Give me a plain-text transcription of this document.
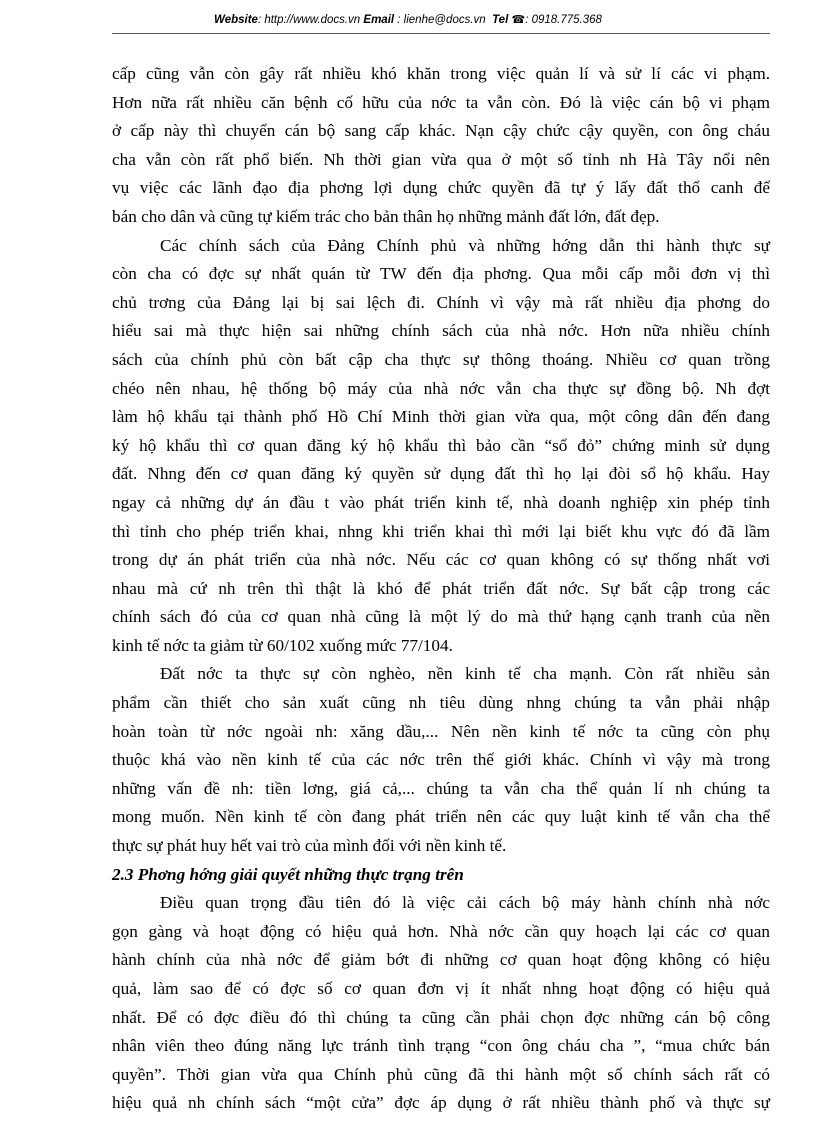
Website: http://www.docs.vn Email : lienhe@docs.vn Tel ☎: 0918.775.368
cấp cũng vẫn còn gây rất nhiều khó khăn trong việc quản lí và sử lí các vi phạm.
Hơn nữa rất nhiều căn bệnh cố hữu của nớc ta vẫn còn. Đó là việc cán bộ vi phạm
ở cấp này thì chuyển cán bộ sang cấp khác. Nạn cậy chức cậy quyền, con ông cháu
cha vẫn còn rất phổ biến. Nh thời gian vừa qua ở một số tỉnh nh Hà Tây nổi nên
vụ việc các lãnh đạo địa phơng lợi dụng chức quyền đã tự ý lấy đất thổ canh để
bán cho dân và cũng tự kiếm trác cho bản thân họ những mảnh đất lớn, đất đẹp.
Các chính sách của Đảng Chính phủ và những hớng dẫn thi hành thực sự
còn cha có đợc sự nhất quán từ TW đến địa phơng. Qua mỗi cấp mỗi đơn vị thì
chủ trơng của Đảng lại bị sai lệch đi. Chính vì vậy mà rất nhiều địa phơng do
hiểu sai mà thực hiện sai những chính sách của nhà nớc. Hơn nữa nhiều chính
sách của chính phủ còn bất cập cha thực sự thông thoáng. Nhiều cơ quan trồng
chéo nên nhau, hệ thống bộ máy của nhà nớc vẫn cha thực sự đồng bộ. Nh đợt
làm hộ khẩu tại thành phố Hồ Chí Minh thời gian vừa qua, một công dân đến đang
ký hộ khẩu thì cơ quan đăng ký hộ khẩu thì bảo cần “sổ đỏ” chứng minh sử dụng
đất. Nhng đến cơ quan đăng ký quyền sử dụng đất thì họ lại đòi sổ hộ khẩu. Hay
ngay cả những dự án đầu t vào phát triển kinh tế, nhà doanh nghiệp xin phép tỉnh
thì tỉnh cho phép triển khai, nhng khi triển khai thì mới lại biết khu vực đó đã lầm
trong dự án phát triển của nhà nớc. Nếu các cơ quan không có sự thống nhất vơi
nhau mà cứ nh trên thì thật là khó để phát triển đất nớc. Sự bất cập trong các
chính sách đó của cơ quan nhà cũng là một lý do mà thứ hạng cạnh tranh của nền
kinh tế nớc ta giảm từ 60/102 xuống mức 77/104.
Đất nớc ta thực sự còn nghèo, nền kinh tế cha mạnh. Còn rất nhiều sản
phẩm cần thiết cho sản xuất cũng nh tiêu dùng nhng chúng ta vẫn phải nhập
hoàn toàn từ nớc ngoài nh: xăng dầu,... Nên nền kinh tế nớc ta cũng còn phụ
thuộc khá vào nền kinh tế của các nớc trên thế giới khác. Chính vì vậy mà trong
những vấn đề nh: tiền lơng, giá cả,... chúng ta vẫn cha thể quản lí nh chúng ta
mong muốn. Nền kinh tế còn đang phát triển nên các quy luật kinh tế vẫn cha thể
thực sự phát huy hết vai trò của mình đối với nền kinh tế.
2.3 Phơng hớng giải quyết những thực trạng trên
Điều quan trọng đầu tiên đó là việc cải cách bộ máy hành chính nhà nớc
gọn gàng và hoạt động có hiệu quả hơn. Nhà nớc cần quy hoạch lại các cơ quan
hành chính của nhà nớc để giảm bớt đi những cơ quan hoạt động không có hiệu
quả, làm sao để có đợc số cơ quan đơn vị ít nhất nhng hoạt động có hiệu quả
nhất. Để có đợc điều đó thì chúng ta cũng cần phải chọn đợc những cán bộ công
nhân viên theo đúng năng lực tránh tình trạng “con ông cháu cha ”, “mua chức bán
quyền”. Thời gian vừa qua Chính phủ cũng đã thi hành một số chính sách rất có
hiệu quả nh chính sách “một cửa” đợc áp dụng ở rất nhiều thành phố và thực sự
